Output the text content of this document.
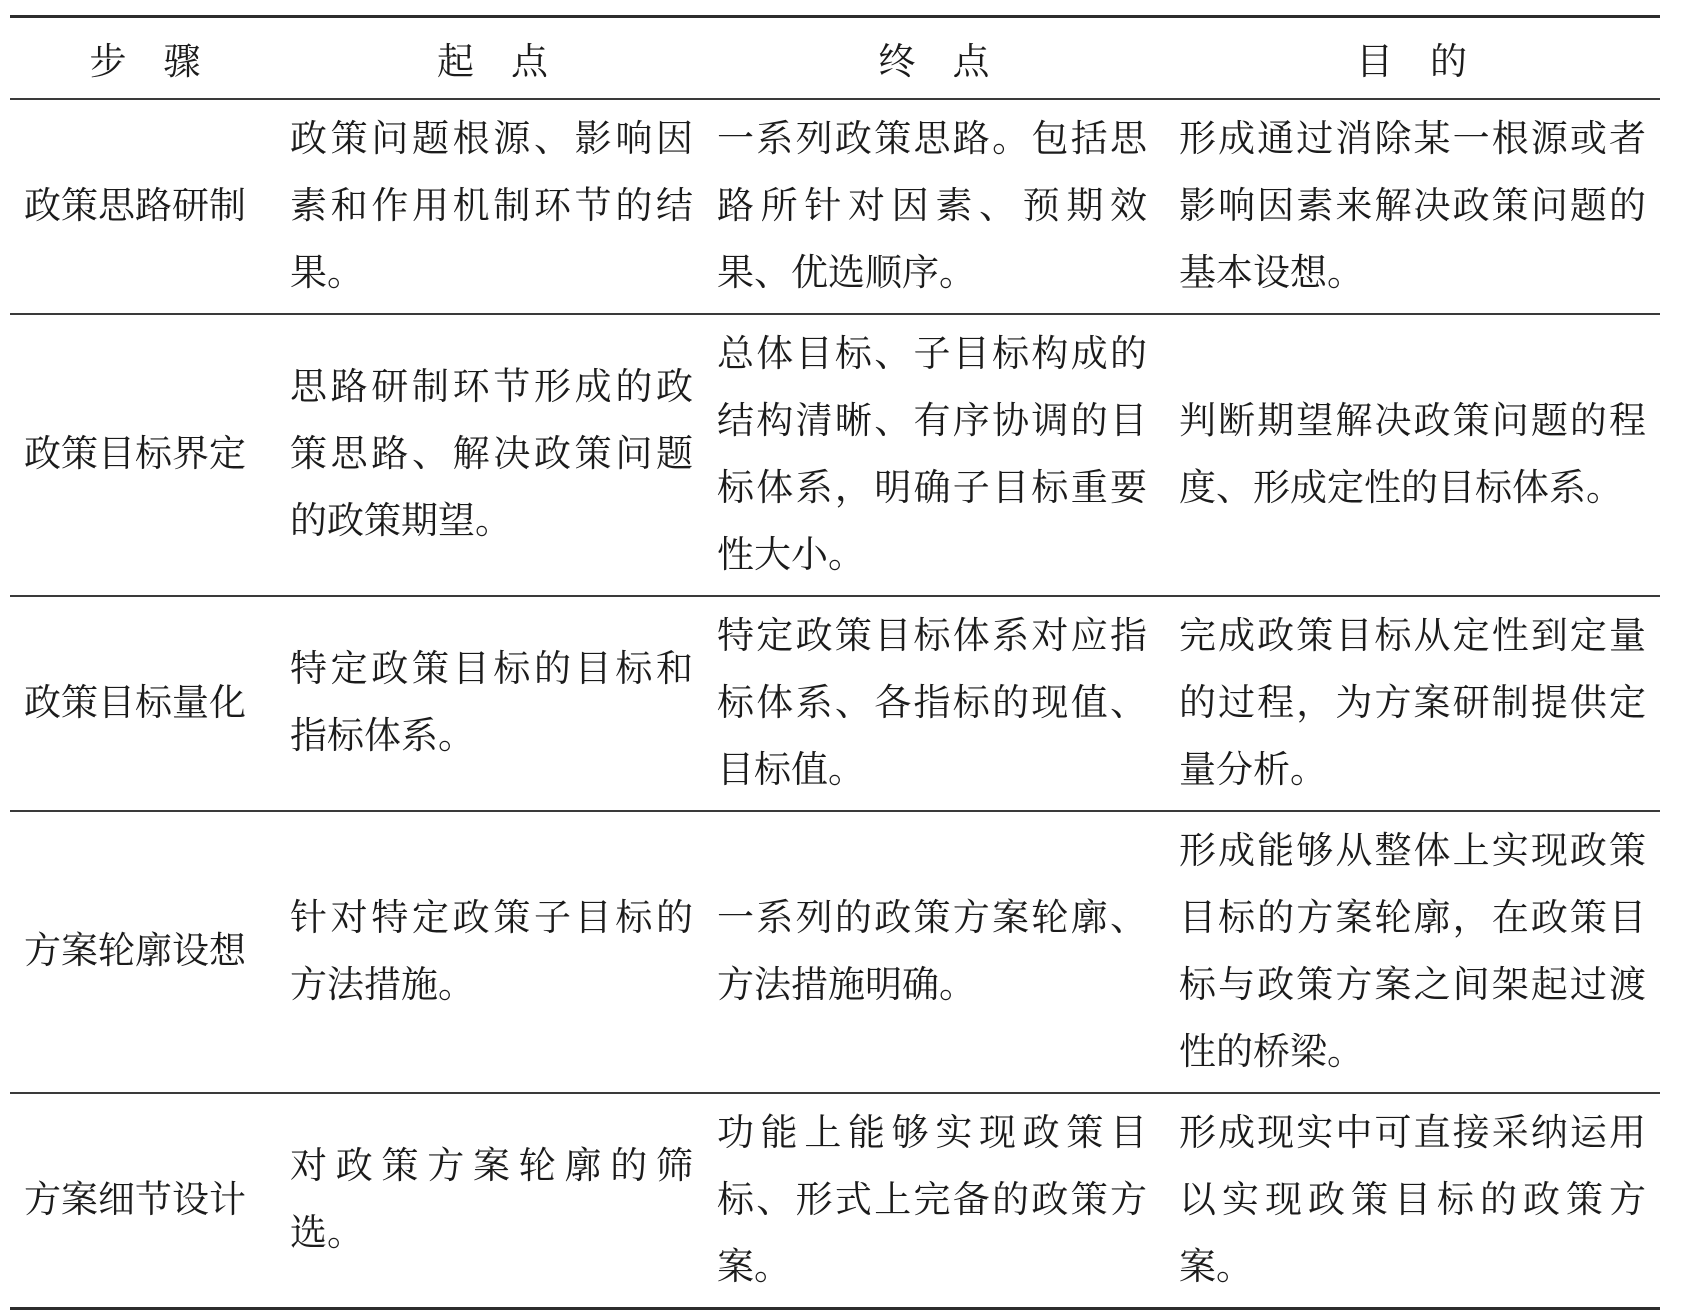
步骤	起点	终点	目的
政策思路研制	政策问题根源、影响因素和作用机制环节的结果。	一系列政策思路。包括思路所针对因素、预期效果、优选顺序。	形成通过消除某一根源或者影响因素来解决政策问题的基本设想。
政策目标界定	思路研制环节形成的政策思路、解决政策问题的政策期望。	总体目标、子目标构成的结构清晰、有序协调的目标体系，明确子目标重要性大小。	判断期望解决政策问题的程度、形成定性的目标体系。
政策目标量化	特定政策目标的目标和指标体系。	特定政策目标体系对应指标体系、各指标的现值、目标值。	完成政策目标从定性到定量的过程，为方案研制提供定量分析。
方案轮廓设想	针对特定政策子目标的方法措施。	一系列的政策方案轮廓、方法措施明确。	形成能够从整体上实现政策目标的方案轮廓，在政策目标与政策方案之间架起过渡性的桥梁。
方案细节设计	对政策方案轮廓的筛选。	功能上能够实现政策目标、形式上完备的政策方案。	形成现实中可直接采纳运用以实现政策目标的政策方案。
